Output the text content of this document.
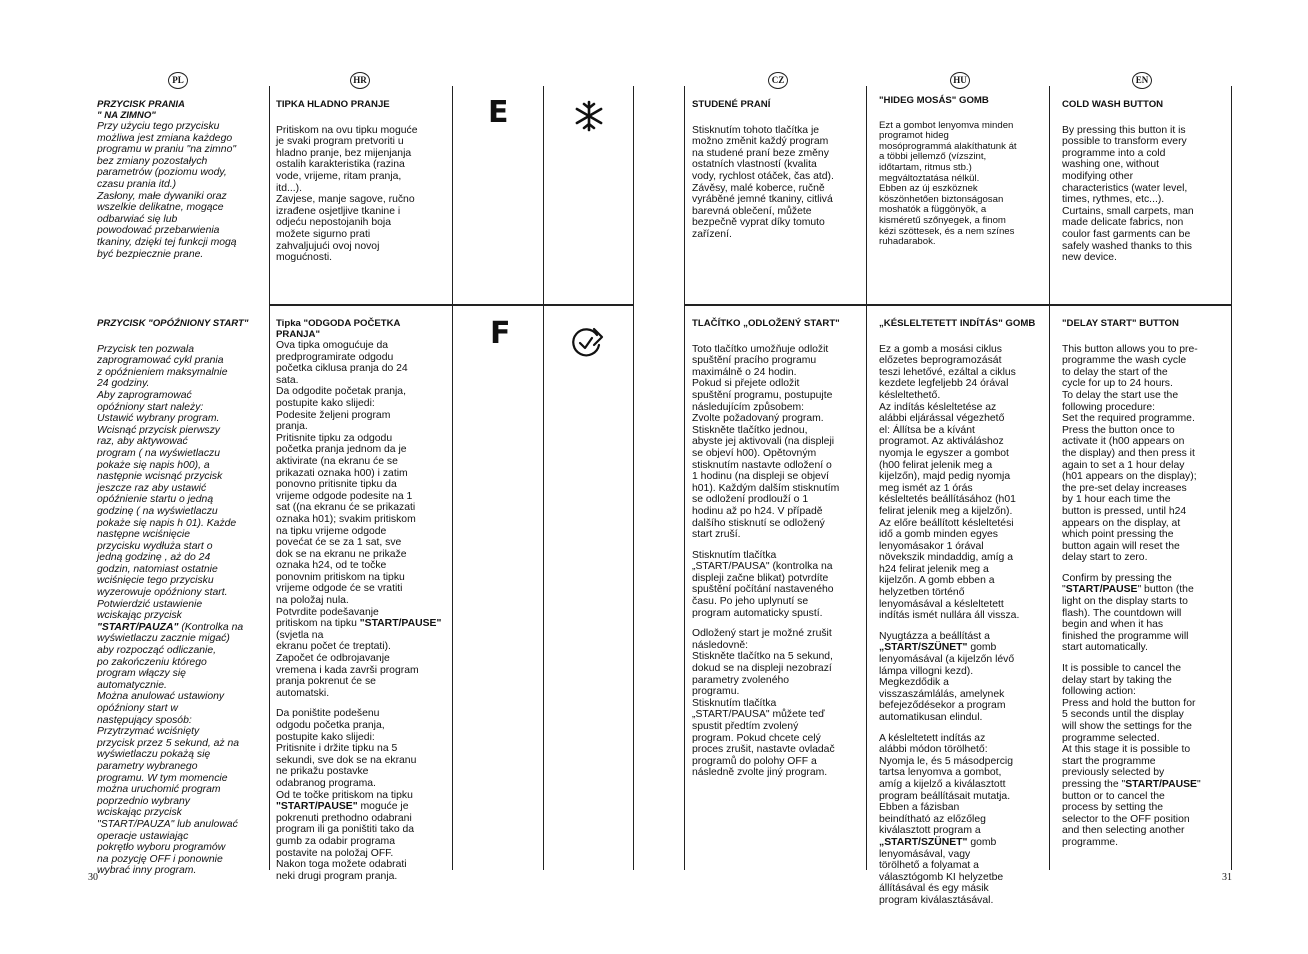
PL	HR
PRZYCISK PRANIA
" NA ZIMNO"
Przy użyciu tego przycisku
możliwa jest zmiana każdego
programu w praniu "na zimno"
bez zmiany pozostałych
parametrów (poziomu wody,
czasu prania itd.)
Zasłony, małe dywaniki oraz
wszelkie delikatne, mogące
odbarwiać się lub
powodować przebarwienia
tkaniny, dzięki tej funkcji mogą
być bezpiecznie prane.
TIPKA HLADNO PRANJE
Pritiskom na ovu tipku moguće
je svaki program pretvoriti u
hladno pranje, bez mijenjanja
ostalih karakteristika (razina
vode, vrijeme, ritam pranja,
itd...).
Zavjese, manje sagove, ručno
izrađene osjetljive tkanine i
odjeću nepostojanih boja
možete sigurno prati
zahvaljujući ovoj novoj
mogućnosti.
E
PRZYCISK "OPÓŹNIONY START"
Przycisk ten pozwala
zaprogramować cykl prania
z opóźnieniem maksymalnie
24 godziny.
Aby zaprogramować
opóźniony start należy:
Ustawić wybrany program.
Wcisnąć przycisk pierwszy
raz, aby aktywować
program ( na wyświetlaczu
pokaże się napis h00), a
następnie wcisnąć przycisk
jeszcze raz aby ustawić
opóźnienie startu o jedną
godzinę ( na wyświetlaczu
pokaże się napis h 01). Każde
następne wciśnięcie
przycisku wydłuża start o
jedną godzinę , aż do 24
godzin, natomiast ostatnie
wciśnięcie tego przycisku
wyzerowuje opóźniony start.
Potwierdzić ustawienie
wciskając przycisk "START/PAUZA" (Kontrolka na
wyświetlaczu zacznie migać)
aby rozpocząć odliczanie,
po zakończeniu którego
program włączy się
automatycznie.
Można anulować ustawiony
opóźniony start w
następujący sposób:
Przytrzymać wciśnięty
przycisk przez 5 sekund, aż na
wyświetlaczu pokażą się
parametry wybranego
programu. W tym momencie
można uruchomić program
poprzednio wybrany
wciskając przycisk
"START/PAUZA" lub anulować
operacje ustawiając
pokrętło wyboru programów
na pozycję OFF i ponownie
wybrać inny program.
Tipka "ODGODA POČETKA
PRANJA"

Ova tipka omogućuje da
predprogramirate odgodu
početka ciklusa pranja do 24
sata.
Da odgodite početak pranja,
postupite kako slijedi:
Podesite željeni program
pranja.
Pritisnite tipku za odgodu
početka pranja jednom da je
aktivirate (na ekranu će se
prikazati oznaka h00) i zatim
ponovno pritisnite tipku da
vrijeme odgode podesite na 1
sat ((na ekranu će se prikazati
oznaka h01); svakim pritiskom
na tipku vrijeme odgode
povećat će se za 1 sat, sve
dok se na ekranu ne prikaže
oznaka h24, od te točke
ponovnim pritiskom na tipku
vrijeme odgode će se vratiti
na položaj nula.
Potvrdite podešavanje
pritiskom na tipku "START/PAUSE" (svjetla na
ekranu počet će treptati).
Započet će odbrojavanje
vremena i kada završi program
pranja pokrenut će se
automatski.

Da poništite podešenu
odgodu početka pranja,
postupite kako slijedi:
Pritisnite i držite tipku na 5
sekundi, sve dok se na ekranu
ne prikažu postavke
odabranog programa.
Od te točke pritiskom na tipku "START/PAUSE" moguće je
pokrenuti prethodno odabrani
program ili ga poništiti tako da
gumb za odabir programa
postavite na položaj OFF.
Nakon toga možete odabrati
neki drugi program pranja.

F
30
CZ	HU	EN
STUDENÉ PRANÍ
Stisknutím tohoto tlačítka je
možno změnit každý program
na studené praní beze změny
ostatních vlastností (kvalita
vody, rychlost otáček, čas atd).
Závěsy, malé koberce, ručně
vyráběné jemné tkaniny, citlivá
barevná oblečení, můžete
bezpečně vyprat díky tomuto
zařízení.
"HIDEG MOSÁS" GOMB
Ezt a gombot lenyomva minden
programot hideg
mosóprogrammá alakíthatunk át
a többi jellemző (vízszint,
időtartam, ritmus stb.)
megváltoztatása nélkül.
Ebben az új eszköznek
köszönhetően biztonságosan
moshatók a függönyök, a
kisméretű szőnyegek, a finom
kézi szöttesek, és a nem színes
ruhadarabok.
COLD WASH BUTTON
By pressing this button it is
possible to transform every
programme into a cold
washing one, without
modifying other
characteristics (water level,
times, rythmes, etc...).
Curtains, small carpets, man
made delicate fabrics, non
coulor fast garments can be
safely washed thanks to this
new device.
TLAČÍTKO „ODLOŽENÝ START"

Toto tlačítko umožňuje odložit
spuštění pracího programu
maximálně o 24 hodin.
Pokud si přejete odložit
spuštění programu, postupujte
následujícím způsobem:
Zvolte požadovaný program.
Stiskněte tlačítko jednou,
abyste jej aktivovali (na displeji
se objeví h00). Opětovným
stisknutím nastavte odložení o
1 hodinu (na displeji se objeví
h01). Každým dalším stisknutím
se odložení prodlouží o 1
hodinu až po h24. V případě
dalšího stisknutí se odložený
start zruší.

Stisknutím tlačítka
„START/PAUSA" (kontrolka na
displeji začne blikat) potvrdíte
spuštění počítání nastaveného
času. Po jeho uplynutí se
program automaticky spustí.

Odložený start je možné zrušit
následovně:
Stiskněte tlačítko na 5 sekund,
dokud se na displeji nezobrazí
parametry zvoleného
programu.
Stisknutím tlačítka
„START/PAUSA" můžete teď
spustit předtím zvolený
program. Pokud chcete celý
proces zrušit, nastavte ovladač
programů do polohy OFF a
následně zvolte jiný program.

„KÉSLELTETETT INDÍTÁS" GOMB

Ez a gomb a mosási ciklus
előzetes beprogramozását
teszi lehetővé, ezáltal a ciklus
kezdete legfeljebb 24 órával
késleltethető.
Az indítás késleltetése az
alábbi eljárással végezhető
el: Állítsa be a kívánt
programot. Az aktiváláshoz
nyomja le egyszer a gombot
(h00 felirat jelenik meg a
kijelzőn), majd pedig nyomja
meg ismét az 1 órás
késleltetés beállításához (h01
felirat jelenik meg a kijelzőn).
Az előre beállított késleltetési
idő a gomb minden egyes
lenyomásakor 1 órával
növekszik mindaddig, amíg a
h24 felirat jelenik meg a
kijelzőn. A gomb ebben a
helyzetben történő
lenyomásával a késleltetett
indítás ismét nullára áll vissza.

Nyugtázza a beállítást a
„START/SZÜNET" gomb
lenyomásával (a kijelzőn lévő
lámpa villogni kezd).
Megkezdődik a
visszaszámlálás, amelynek
befejeződésekor a program
automatikusan elindul.

A késleltetett indítás az
alábbi módon törölhető:
Nyomja le, és 5 másodpercig
tartsa lenyomva a gombot,
amíg a kijelző a kiválasztott
program beállításait mutatja.
Ebben a fázisban
beindítható az előzőleg
kiválasztott program a
„START/SZÜNET" gomb
lenyomásával, vagy
törölhető a folyamat a
választógomb KI helyzetbe
állításával és egy másik
program kiválasztásával.

"DELAY START" BUTTON

This button allows you to pre-
programme the wash cycle
to delay the start of the
cycle for up to 24 hours.
To delay the start use the
following procedure:
Set the required programme.
Press the button once to
activate it (h00 appears on
the display) and then press it
again to set a 1 hour delay
(h01 appears on the display);
the pre-set delay increases
by 1 hour each time the
button is pressed, until h24
appears on the display, at
which point pressing the
button again will reset the
delay start to zero.

Confirm by pressing the
"START/PAUSE" button (the
light on the display starts to
flash). The countdown will
begin and when it has
finished the programme will
start automatically.

It is possible to cancel the
delay start by taking the
following action:
Press and hold the button for
5 seconds until the display
will show the settings for the
programme selected.
At this stage it is possible to
start the programme
previously selected by
pressing the "START/PAUSE"
button or to cancel the
process by setting the
selector to the OFF position
and then selecting another
programme.

31
